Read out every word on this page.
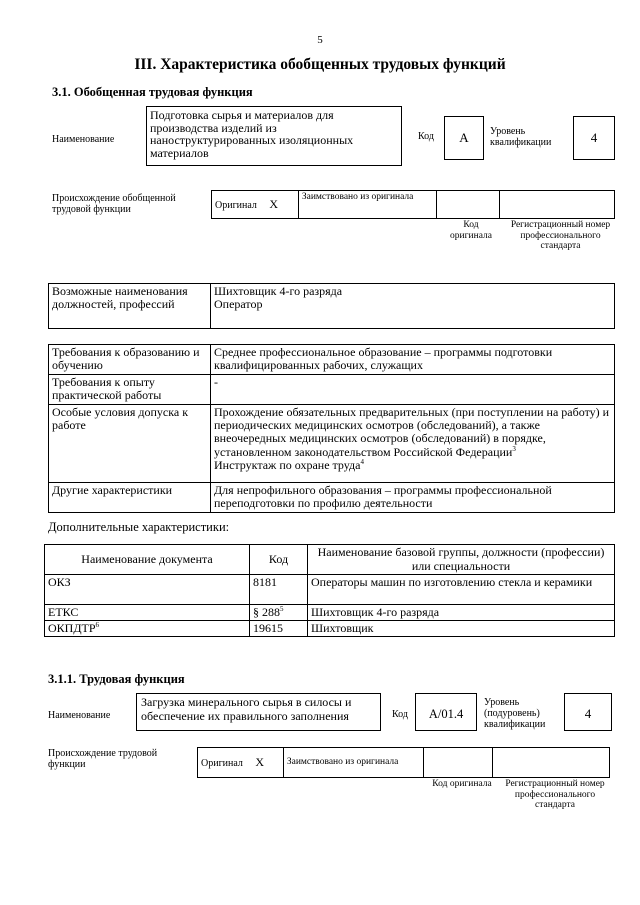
5
III. Характеристика обобщенных трудовых функций
3.1. Обобщенная трудовая функция
Наименование
Подготовка сырья и материалов для производства изделий из наноструктурированных изоляционных материалов
Код	A	Уровень квалификации	4
Происхождение обобщенной трудовой функции	Оригинал X	Заимствовано из оригинала		
Код оригинала
Регистрационный номер профессионального стандарта
Возможные наименования должностей, профессий	Шихтовщик 4-го разряда
Оператор
Требования к образованию и обучению	Среднее профессиональное образование – программы подготовки квалифицированных рабочих, служащих
Требования к опыту практической работы	-
Особые условия допуска к работе	Прохождение обязательных предварительных (при поступлении на работу) и периодических медицинских осмотров (обследований), а также внеочередных медицинских осмотров (обследований) в порядке, установленном законодательством Российской Федерации$^3$
Инструктаж по охране труда$^4$
Другие характеристики	Для непрофильного образования – программы профессиональной переподготовки по профилю деятельности
Дополнительные характеристики:
Наименование документа	Код	Наименование базовой группы, должности (профессии) или специальности
ОКЗ	8181	Операторы машин по изготовлению стекла и керамики
ЕТКС	§ $288^5$	Шихтовщик 4-го разряда
ОКПДТР$^6$	19615	Шихтовщик
3.1.1. Трудовая функция
Наименование
Загрузка минерального сырья в силосы и обеспечение их правильного заполнения	Код	A/01.4
Уровень (подуровень) квалификации
4
Происхождение трудовой функции	Оригинал X	Заимствовано из оригинала		
Код оригинала	Регистрационный номер профессионального стандарта
